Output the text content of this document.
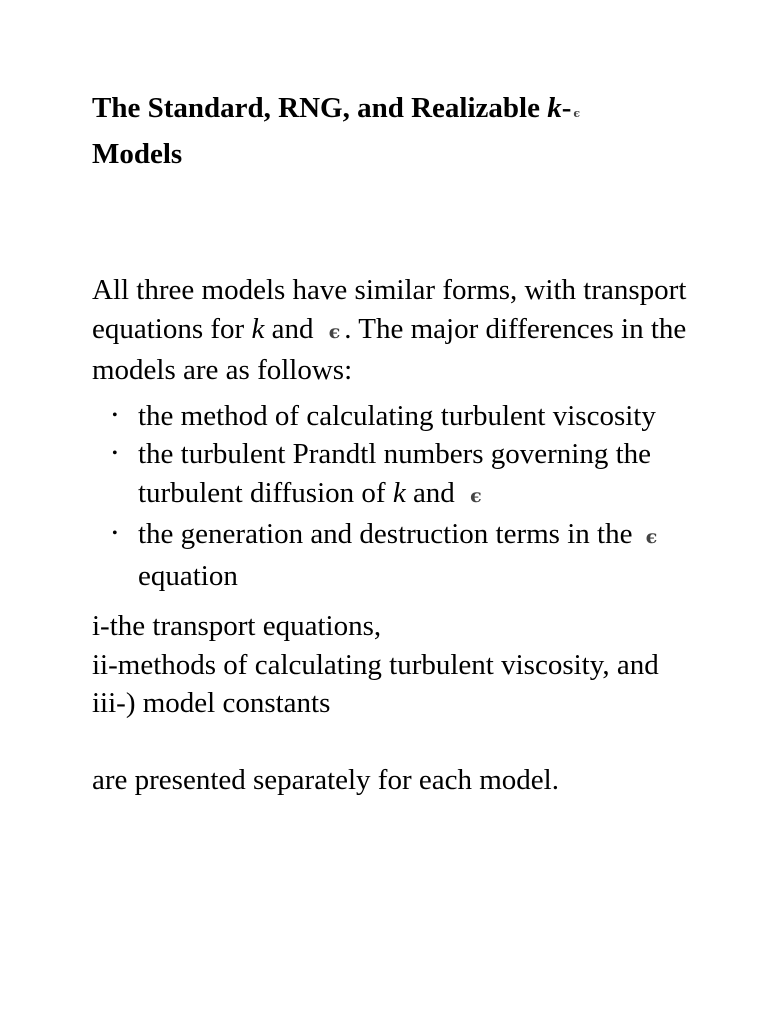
The Standard, RNG, and Realizable k- ϵ
Models

All three models have similar forms, with transport equations for k and ϵ . The major differences in the models are as follows:

• the method of calculating turbulent viscosity
• the turbulent Prandtl numbers governing the turbulent diffusion of k and ϵ
• the generation and destruction terms in the ϵequation

i-the transport equations,
ii-methods of calculating turbulent viscosity, and
iii-) model constants

are presented separately for each model.
